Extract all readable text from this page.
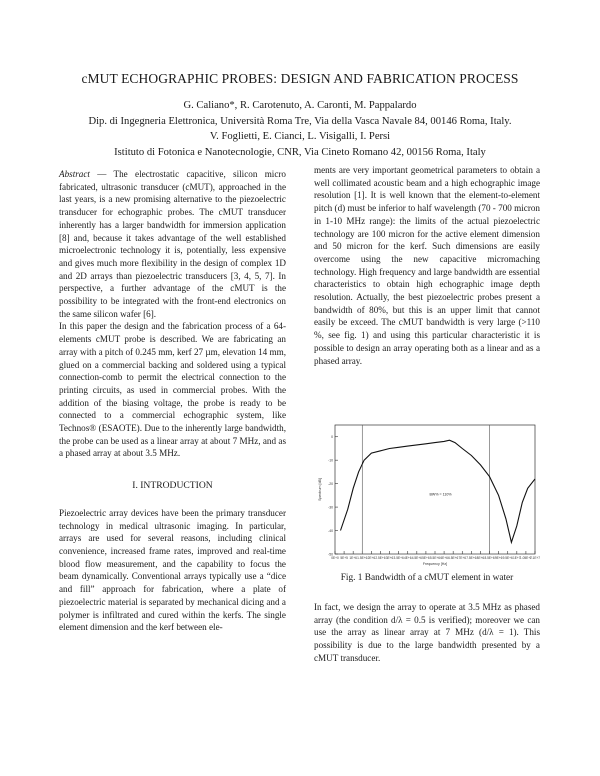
cMUT ECHOGRAPHIC PROBES: DESIGN AND FABRICATION PROCESS
G. Caliano*, R. Carotenuto, A. Caronti, M. Pappalardo
Dip. di Ingegneria Elettronica, Università Roma Tre, Via della Vasca Navale 84, 00146 Roma, Italy.
V. Foglietti, E. Cianci, L. Visigalli, I. Persi
Istituto di Fotonica e Nanotecnologie, CNR, Via Cineto Romano 42, 00156 Roma, Italy

Abstract — The electrostatic capacitive, silicon micro fabricated, ultrasonic transducer (cMUT), approached in the last years, is a new promising alternative to the piezoelectric transducer for echographic probes. The cMUT transducer inherently has a larger bandwidth for immersion application [8] and, because it takes advantage of the well established microelectronic technology it is, potentially, less expensive and gives much more flexibility in the design of complex 1D and 2D arrays than piezoelectric transducers [3, 4, 5, 7]. In perspective, a further advantage of the cMUT is the possibility to be integrated with the front-end electronics on the same silicon wafer [6].

In this paper the design and the fabrication process of a 64-elements cMUT probe is described. We are fabricating an array with a pitch of 0.245 mm, kerf 27 µm, elevation 14 mm, glued on a commercial backing and soldered using a typical connection-comb to permit the electrical connection to the printing circuits, as used in commercial probes. With the addition of the biasing voltage, the probe is ready to be connected to a commercial echographic system, like Technos® (ESAOTE). Due to the inherently large bandwidth, the probe can be used as a linear array at about 7 MHz, and as a phased array at about 3.5 MHz.

I. INTRODUCTION

Piezoelectric array devices have been the primary transducer technology in medical ultrasonic imaging. In particular, arrays are used for several reasons, including clinical convenience, increased frame rates, improved and real-time blood flow measurement, and the capability to focus the beam dynamically. Conventional arrays typically use a “dice and fill” approach for fabrication, where a plate of piezoelectric material is separated by mechanical dicing and a polymer is infiltrated and cured within the kerfs. The single element dimension and the kerf between ele-

ments are very important geometrical parameters to obtain a well collimated acoustic beam and a high echographic image resolution [1]. It is well known that the element-to-element pitch (d) must be inferior to half wavelength (70 - 700 micron in 1-10 MHz range): the limits of the actual piezoelectric technology are 100 micron for the active element dimension and 50 micron for the kerf. Such dimensions are easily overcome using the new capacitive micromaching technology. High frequency and large bandwidth are essential characteristics to obtain high echographic image depth resolution. Actually, the best piezoelectric probes present a bandwidth of 80%, but this is an upper limit that cannot easily be exceed. The cMUT bandwidth is very large (>110 %, see fig. 1) and using this particular characteristic it is possible to design an array operating both as a linear and as a phased array.

0
-10
-20
-30
-40
-50
0E+0 5E+5 1E+6 1.5E+6 2E+6 2.5E+6 3E+6 3.5E+6 4E+6 4.5E+6 5E+6 5.5E+6 6E+6 6.5E+6 7E+6 7.5E+6 8E+6 8.5E+6 9E+6 9.5E+6 1E+7 1.05E+7
1.1E+7
BW% = 110%
Frequency [Hz]
Spectrum [dB]
Fig. 1 Bandwidth of a cMUT element in water

In fact, we design the array to operate at 3.5 MHz as phased array (the condition d/λ = 0.5 is verified); moreover we can use the array as linear array at 7 MHz (d/λ = 1). This possibility is due to the large bandwidth presented by a cMUT transducer.
